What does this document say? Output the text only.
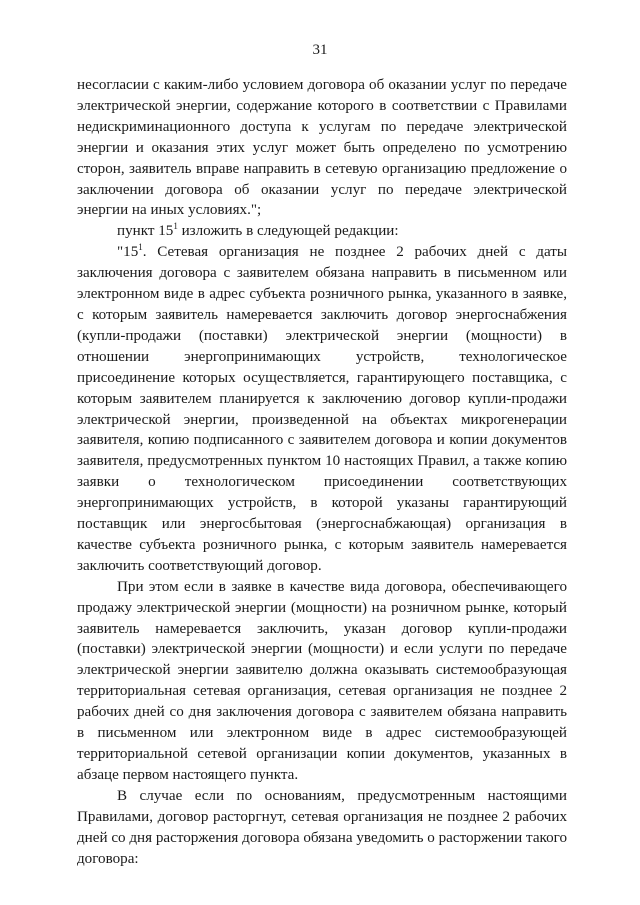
31

несогласии с каким-либо условием договора об оказании услуг по передаче электрической энергии, содержание которого в соответствии с Правилами недискриминационного доступа к услугам по передаче электрической энергии и оказания этих услуг может быть определено по усмотрению сторон, заявитель вправе направить в сетевую организацию предложение о заключении договора об оказании услуг по передаче электрической энергии на иных условиях.";

пункт $15^1$ изложить в следующей редакции:

"$15^1$. Сетевая организация не позднее 2 рабочих дней с даты заключения договора с заявителем обязана направить в письменном или электронном виде в адрес субъекта розничного рынка, указанного в заявке, с которым заявитель намеревается заключить договор энергоснабжения (купли-продажи (поставки) электрической энергии (мощности) в отношении энергопринимающих устройств, технологическое присоединение которых осуществляется, гарантирующего поставщика, с которым заявителем планируется к заключению договор купли-продажи электрической энергии, произведенной на объектах микрогенерации заявителя, копию подписанного с заявителем договора и копии документов заявителя, предусмотренных пунктом 10 настоящих Правил, а также копию заявки о технологическом присоединении соответствующих энергопринимающих устройств, в которой указаны гарантирующий поставщик или энергосбытовая (энергоснабжающая) организация в качестве субъекта розничного рынка, с которым заявитель намеревается заключить соответствующий договор.

При этом если в заявке в качестве вида договора, обеспечивающего продажу электрической энергии (мощности) на розничном рынке, который заявитель намеревается заключить, указан договор купли-продажи (поставки) электрической энергии (мощности) и если услуги по передаче электрической энергии заявителю должна оказывать системообразующая территориальная сетевая организация, сетевая организация не позднее 2 рабочих дней со дня заключения договора с заявителем обязана направить в письменном или электронном виде в адрес системообразующей территориальной сетевой организации копии документов, указанных в абзаце первом настоящего пункта.

В случае если по основаниям, предусмотренным настоящими Правилами, договор расторгнут, сетевая организация не позднее 2 рабочих дней со дня расторжения договора обязана уведомить о расторжении такого договора:
